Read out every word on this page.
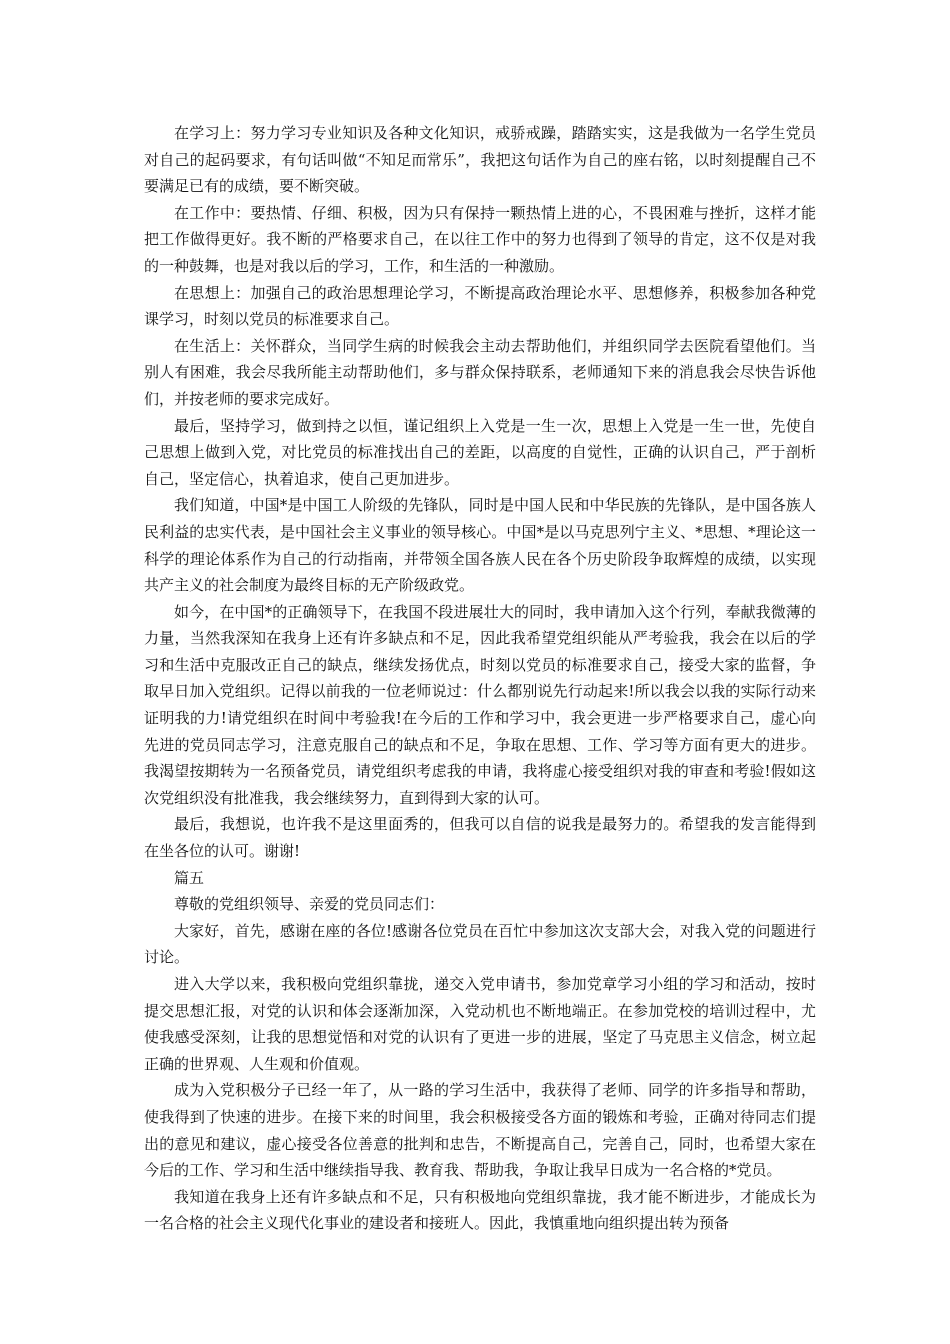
在学习上：努力学习专业知识及各种文化知识，戒骄戒躁，踏踏实实，这是我做为一名学生党员对自己的起码要求，有句话叫做“不知足而常乐”，我把这句话作为自己的座右铭，以时刻提醒自己不要满足已有的成绩，要不断突破。

在工作中：要热情、仔细、积极，因为只有保持一颗热情上进的心，不畏困难与挫折，这样才能把工作做得更好。我不断的严格要求自己，在以往工作中的努力也得到了领导的肯定，这不仅是对我的一种鼓舞，也是对我以后的学习，工作，和生活的一种激励。

在思想上：加强自己的政治思想理论学习，不断提高政治理论水平、思想修养，积极参加各种党课学习，时刻以党员的标准要求自己。

在生活上：关怀群众，当同学生病的时候我会主动去帮助他们，并组织同学去医院看望他们。当别人有困难，我会尽我所能主动帮助他们，多与群众保持联系，老师通知下来的消息我会尽快告诉他们，并按老师的要求完成好。

最后，坚持学习，做到持之以恒，谨记组织上入党是一生一次，思想上入党是一生一世，先使自己思想上做到入党，对比党员的标准找出自己的差距，以高度的自觉性，正确的认识自己，严于剖析自己，坚定信心，执着追求，使自己更加进步。

我们知道，中国*是中国工人阶级的先锋队，同时是中国人民和中华民族的先锋队，是中国各族人民利益的忠实代表，是中国社会主义事业的领导核心。中国*是以马克思列宁主义、*思想、*理论这一科学的理论体系作为自己的行动指南，并带领全国各族人民在各个历史阶段争取辉煌的成绩，以实现共产主义的社会制度为最终目标的无产阶级政党。

如今，在中国*的正确领导下，在我国不段进展壮大的同时，我申请加入这个行列，奉献我微薄的力量，当然我深知在我身上还有许多缺点和不足，因此我希望党组织能从严考验我，我会在以后的学习和生活中克服改正自己的缺点，继续发扬优点，时刻以党员的标准要求自己，接受大家的监督，争取早日加入党组织。记得以前我的一位老师说过：什么都别说先行动起来!所以我会以我的实际行动来证明我的力!请党组织在时间中考验我!在今后的工作和学习中，我会更进一步严格要求自己，虚心向先进的党员同志学习，注意克服自己的缺点和不足，争取在思想、工作、学习等方面有更大的进步。我渴望按期转为一名预备党员，请党组织考虑我的申请，我将虚心接受组织对我的审查和考验!假如这次党组织没有批准我，我会继续努力，直到得到大家的认可。

最后，我想说，也许我不是这里面秀的，但我可以自信的说我是最努力的。希望我的发言能得到在坐各位的认可。谢谢!

篇五

尊敬的党组织领导、亲爱的党员同志们：

大家好，首先，感谢在座的各位!感谢各位党员在百忙中参加这次支部大会，对我入党的问题进行讨论。

进入大学以来，我积极向党组织靠拢，递交入党申请书，参加党章学习小组的学习和活动，按时提交思想汇报，对党的认识和体会逐渐加深，入党动机也不断地端正。在参加党校的培训过程中，尤使我感受深刻，让我的思想觉悟和对党的认识有了更进一步的进展，坚定了马克思主义信念，树立起正确的世界观、人生观和价值观。

成为入党积极分子已经一年了，从一路的学习生活中，我获得了老师、同学的许多指导和帮助，使我得到了快速的进步。在接下来的时间里，我会积极接受各方面的锻炼和考验，正确对待同志们提出的意见和建议，虚心接受各位善意的批判和忠告，不断提高自己，完善自己，同时，也希望大家在今后的工作、学习和生活中继续指导我、教育我、帮助我，争取让我早日成为一名合格的*党员。

我知道在我身上还有许多缺点和不足，只有积极地向党组织靠拢，我才能不断进步，才能成长为一名合格的社会主义现代化事业的建设者和接班人。因此，我慎重地向组织提出转为预备
